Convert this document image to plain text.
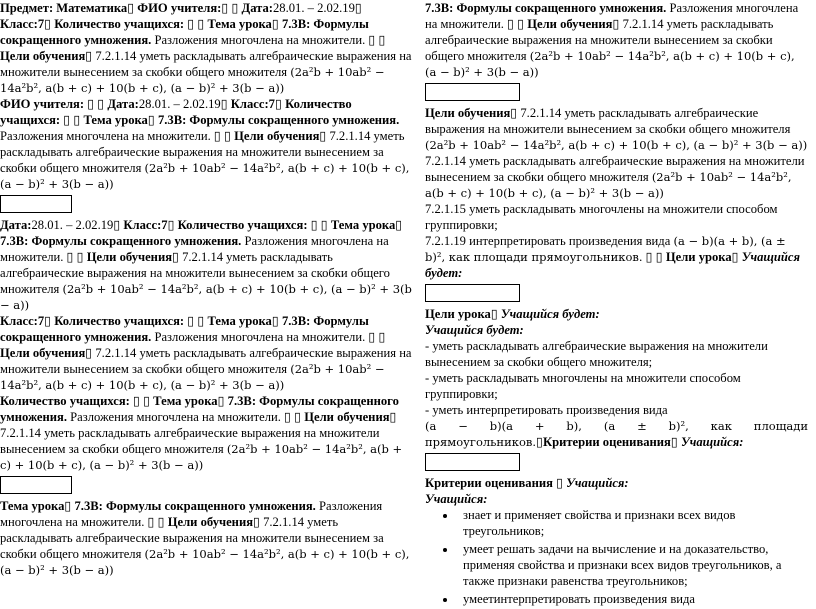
Предмет: Математика▯ ФИО учителя:▯ ▯ Дата:28.01. – 2.02.19▯ Класс:7▯ Количество учащихся: ▯ ▯ Тема урока▯ 7.3B: Формулы сокращенного умножения. Разложения многочлена на множители. ▯ ▯ Цели обучения▯ 7.2.1.14 уметь раскладывать алгебраические выражения на множители вынесением за скобки общего множителя (2a²b + 10ab² − 14a²b², a(b + c) + 10(b + c), (a − b)² + 3(b − a))

ФИО учителя: ▯ ▯ Дата:28.01. – 2.02.19▯ Класс:7▯ Количество учащихся: ▯ ▯ Тема урока▯ 7.3B: Формулы сокращенного умножения. Разложения многочлена на множители. ▯ ▯ Цели обучения▯ 7.2.1.14 уметь раскладывать алгебраические выражения на множители вынесением за скобки общего множителя (2a²b + 10ab² − 14a²b², a(b + c) + 10(b + c), (a − b)² + 3(b − a))

Дата:28.01. – 2.02.19▯ Класс:7▯ Количество учащихся: ▯ ▯ Тема урока▯ 7.3B: Формулы сокращенного умножения. Разложения многочлена на множители. ▯ ▯ Цели обучения▯ 7.2.1.14 уметь раскладывать алгебраические выражения на множители вынесением за скобки общего множителя (2a²b + 10ab² − 14a²b², a(b + c) + 10(b + c), (a − b)² + 3(b − a))

Класс:7▯ Количество учащихся: ▯ ▯ Тема урока▯ 7.3B: Формулы сокращенного умножения. Разложения многочлена на множители. ▯ ▯ Цели обучения▯ 7.2.1.14 уметь раскладывать алгебраические выражения на множители вынесением за скобки общего множителя (2a²b + 10ab² − 14a²b², a(b + c) + 10(b + c), (a − b)² + 3(b − a))

Количество учащихся: ▯ ▯ Тема урока▯ 7.3B: Формулы сокращенного умножения. Разложения многочлена на множители. ▯ ▯ Цели обучения▯ 7.2.1.14 уметь раскладывать алгебраические выражения на множители вынесением за скобки общего множителя (2a²b + 10ab² − 14a²b², a(b + c) + 10(b + c), (a − b)² + 3(b − a))

Тема урока▯ 7.3B: Формулы сокращенного умножения. Разложения многочлена на множители. ▯ ▯ Цели обучения▯ 7.2.1.14 уметь раскладывать алгебраические выражения на множители вынесением за скобки общего множителя (2a²b + 10ab² − 14a²b², a(b + c) + 10(b + c), (a − b)² + 3(b − a))

7.3B: Формулы сокращенного умножения. Разложения многочлена на множители. ▯ ▯ Цели обучения▯ 7.2.1.14 уметь раскладывать алгебраические выражения на множители вынесением за скобки общего множителя (2a²b + 10ab² − 14a²b², a(b + c) + 10(b + c), (a − b)² + 3(b − a))

Цели обучения▯ 7.2.1.14 уметь раскладывать алгебраические выражения на множители вынесением за скобки общего множителя (2a²b + 10ab² − 14a²b², a(b + c) + 10(b + c), (a − b)² + 3(b − a))

7.2.1.14 уметь раскладывать алгебраические выражения на множители вынесением за скобки общего множителя (2a²b + 10ab² − 14a²b², a(b + c) + 10(b + c), (a − b)² + 3(b − a))

7.2.1.15 уметь раскладывать многочлены на множители способом группировки;

7.2.1.19 интерпретировать произведения вида (a − b)(a + b), (a ± b)², как площади прямоугольников. ▯ ▯ Цели урока▯ Учащийся будет:

Цели урока▯ Учащийся будет:

Учащийся будет:

- уметь раскладывать алгебраические выражения на множители вынесением за скобки общего множителя;

- уметь раскладывать многочлены на множители способом группировки;

- уметь интерпретировать произведения вида

(a − b)(a + b), (a ± b)², как площади прямоугольников.▯Критерии оценивания▯ Учащийся:

Критерии оценивания ▯ Учащийся:

Учащийся:

• знает и применяет свойства и признаки всех видов треугольников;
• умеет решать задачи на вычисление и на доказательство, применяя свойства и признаки всех видов треугольников, а также признаки равенства треугольников;
• умеетинтерпретировать произведения вида
